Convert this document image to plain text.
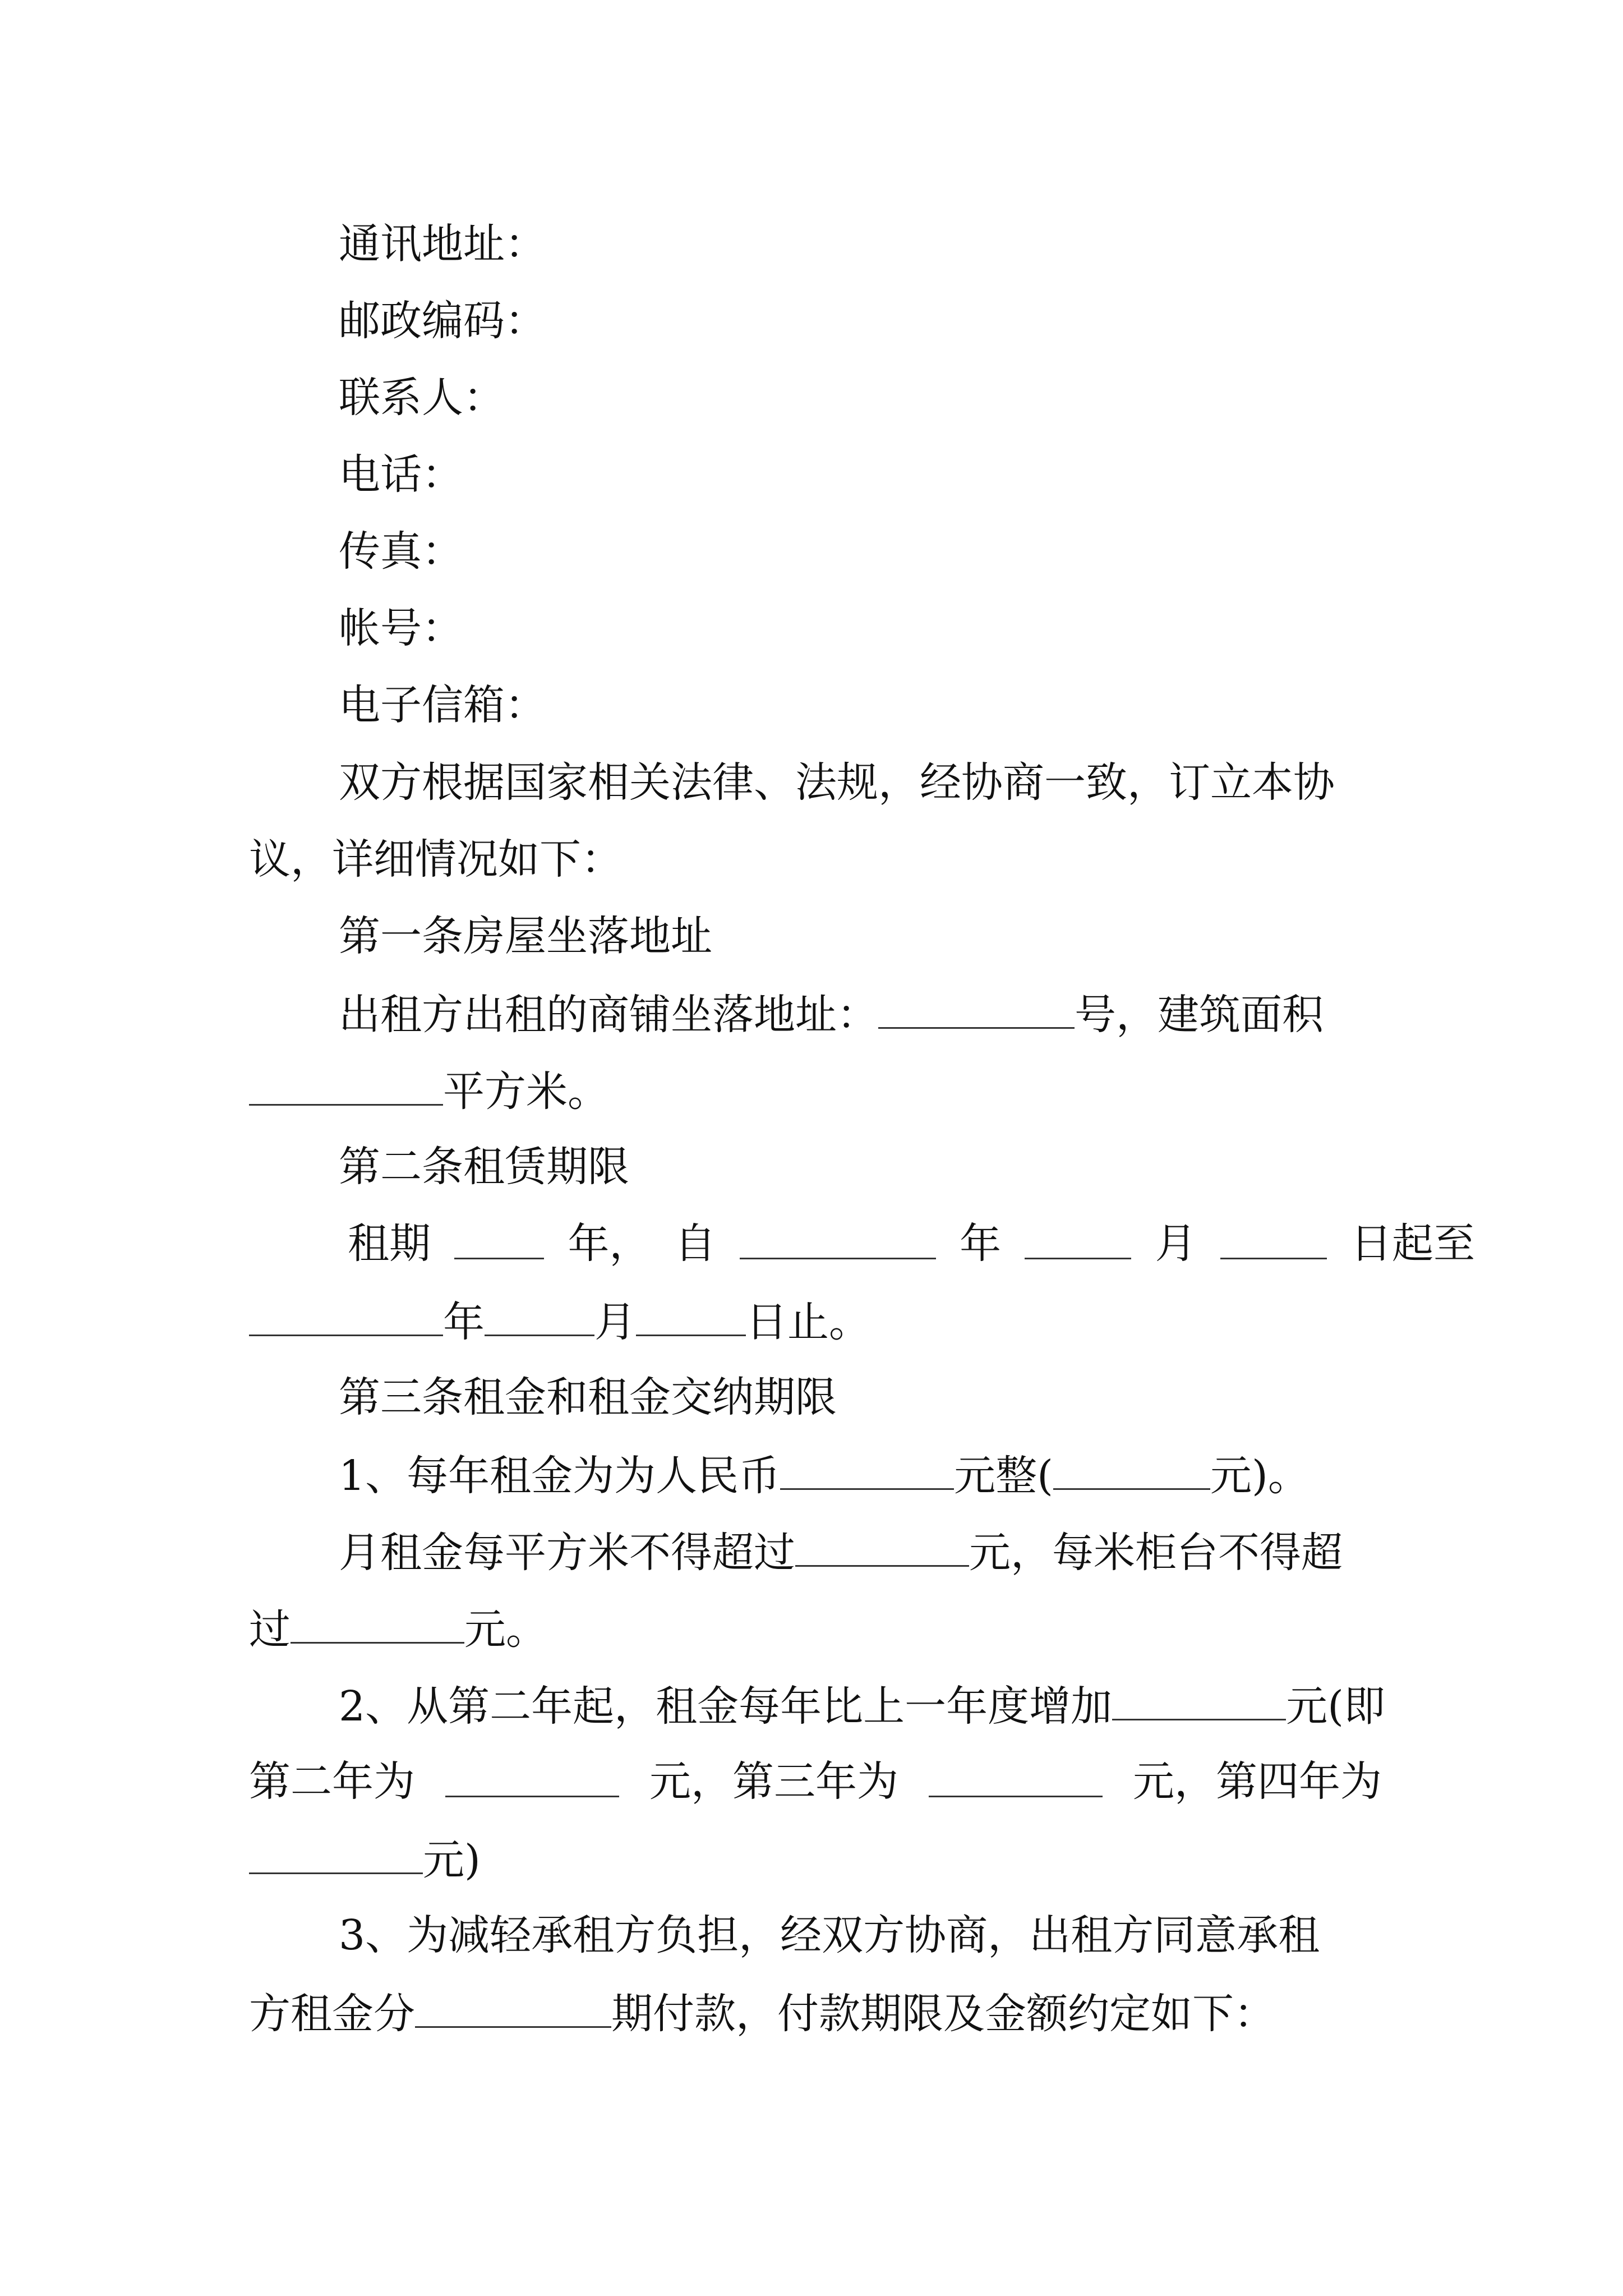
通讯地址：
邮政编码：
联系人：
电话：
传真：
帐号：
电子信箱：
双方根据国家相关法律、法规，经协商一致，订立本协
议，详细情况如下：
第一条房屋坐落地址
出租方出租的商铺坐落地址：	号，建筑面积
平方米。
第二条租赁期限
租期	年， 自	年	月	日起至
年	月	日止。
第三条租金和租金交纳期限
1、每年租金为为人民币	元整(	元)。
月租金每平方米不得超过	元，每米柜台不得超
过	元。
2、从第二年起，租金每年比上一年度增加	元(即
第二年为	元，第三年为	元，第四年为
元)
3、为减轻承租方负担，经双方协商，出租方同意承租
方租金分	期付款，付款期限及金额约定如下：
